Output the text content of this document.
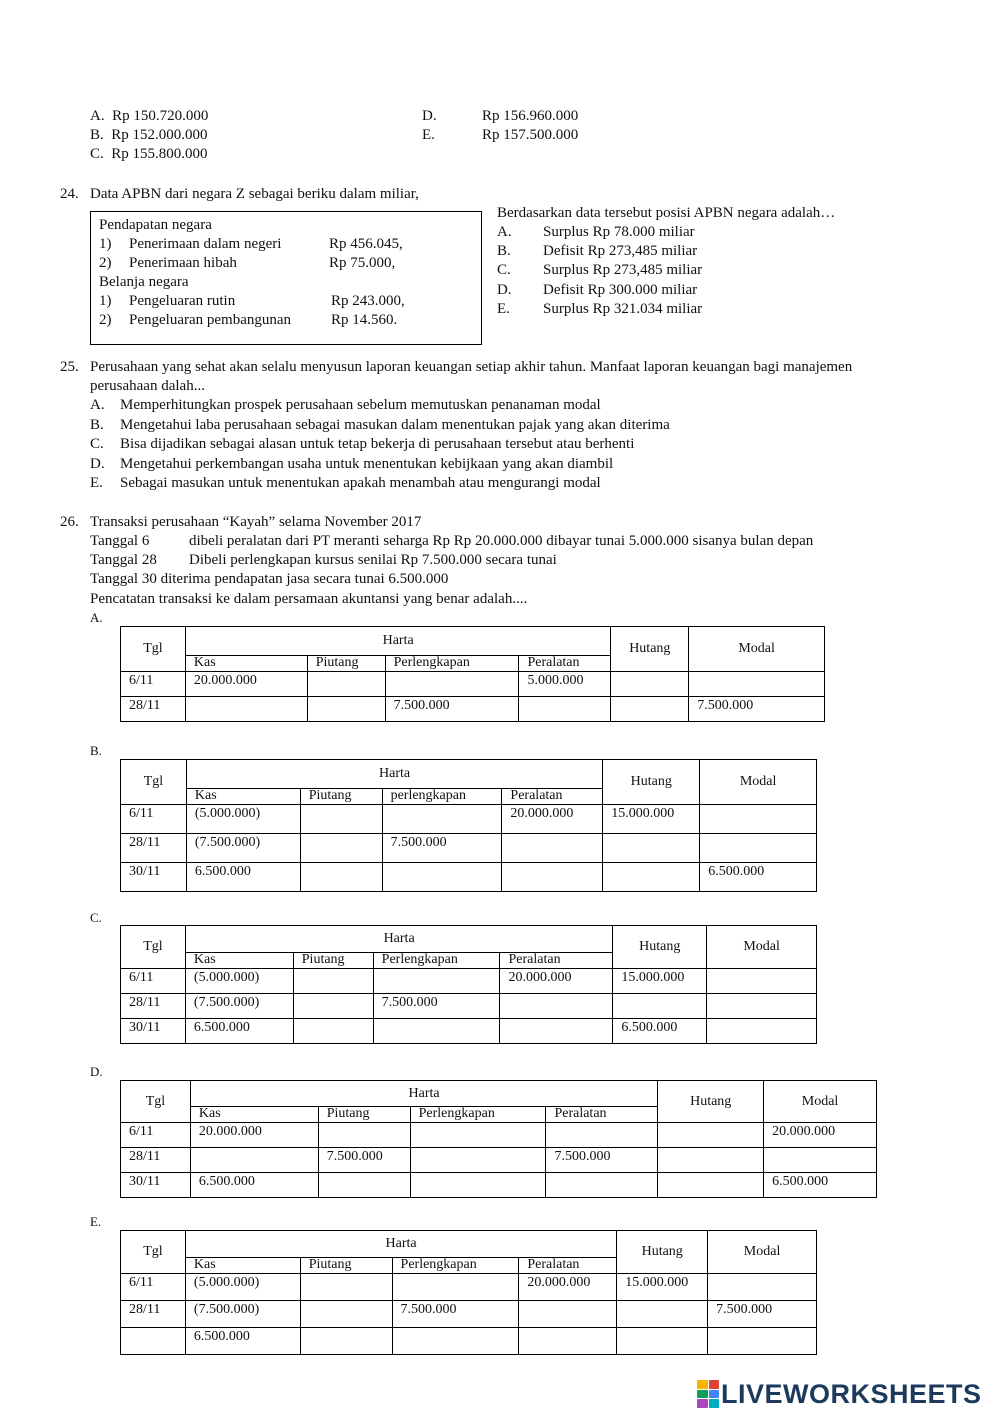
A. Rp 150.720.000
B. Rp 152.000.000
C. Rp 155.800.000
D.	Rp 156.960.000
E.	Rp 157.500.000
24. Data APBN dari negara Z sebagai beriku dalam miliar,
Pendapatan negara
1) Penerimaan dalam negeri	Rp 456.045,
2) Penerimaan hibah	Rp 75.000,
Belanja negara
1) Pengeluaran rutin	Rp 243.000,
2) Pengeluaran pembangunan	Rp 14.560.
Berdasarkan data tersebut posisi APBN negara adalah…
A. Surplus Rp 78.000 miliar
B. Defisit Rp 273,485 miliar
C. Surplus Rp 273,485 miliar
D. Defisit Rp 300.000 miliar
E. Surplus Rp 321.034 miliar
25. Perusahaan yang sehat akan selalu menyusun laporan keuangan setiap akhir tahun. Manfaat laporan keuangan bagi manajemen
perusahaan dalah...
A. Memperhitungkan prospek perusahaan sebelum memutuskan penanaman modal
B. Mengetahui laba perusahaan sebagai masukan dalam menentukan pajak yang akan diterima
C. Bisa dijadikan sebagai alasan untuk tetap bekerja di perusahaan tersebut atau berhenti
D. Mengetahui perkembangan usaha untuk menentukan kebijkaan yang akan diambil
E. Sebagai masukan untuk menentukan apakah menambah atau mengurangi modal
26. Transaksi perusahaan “Kayah” selama November 2017
Tanggal 6	dibeli peralatan dari PT meranti seharga Rp Rp 20.000.000 dibayar tunai 5.000.000 sisanya bulan depan
Tanggal 28 Dibeli perlengkapan kursus senilai Rp 7.500.000 secara tunai
Tanggal 30 diterima pendapatan jasa secara tunai 6.500.000
Pencatatan transaksi ke dalam persamaan akuntansi yang benar adalah....
A.
Tgl	Harta				Hutang	Modal
	Kas	Piutang	Perlengkapan	Peralatan		
6/11	20.000.000			5.000.000		
28/11			7.500.000			7.500.000
B.
Tgl	Harta				Hutang	Modal
	Kas	Piutang	perlengkapan	Peralatan		
6/11	(5.000.000)			20.000.000	15.000.000	
28/11	(7.500.000)		7.500.000			
30/11	6.500.000					6.500.000
C.
Tgl	Harta				Hutang	Modal
	Kas	Piutang	Perlengkapan	Peralatan		
6/11	(5.000.000)			20.000.000	15.000.000	
28/11	(7.500.000)		7.500.000			
30/11	6.500.000				6.500.000	
D.
Tgl	Harta				Hutang	Modal
	Kas	Piutang	Perlengkapan	Peralatan		
6/11	20.000.000					20.000.000
28/11		7.500.000		7.500.000		
30/11	6.500.000					6.500.000
E.
Tgl	Harta				Hutang	Modal
	Kas	Piutang	Perlengkapan	Peralatan		
6/11	(5.000.000)			20.000.000	15.000.000	
28/11	(7.500.000)		7.500.000			7.500.000
	6.500.000					
LIVEWORKSHEETS
